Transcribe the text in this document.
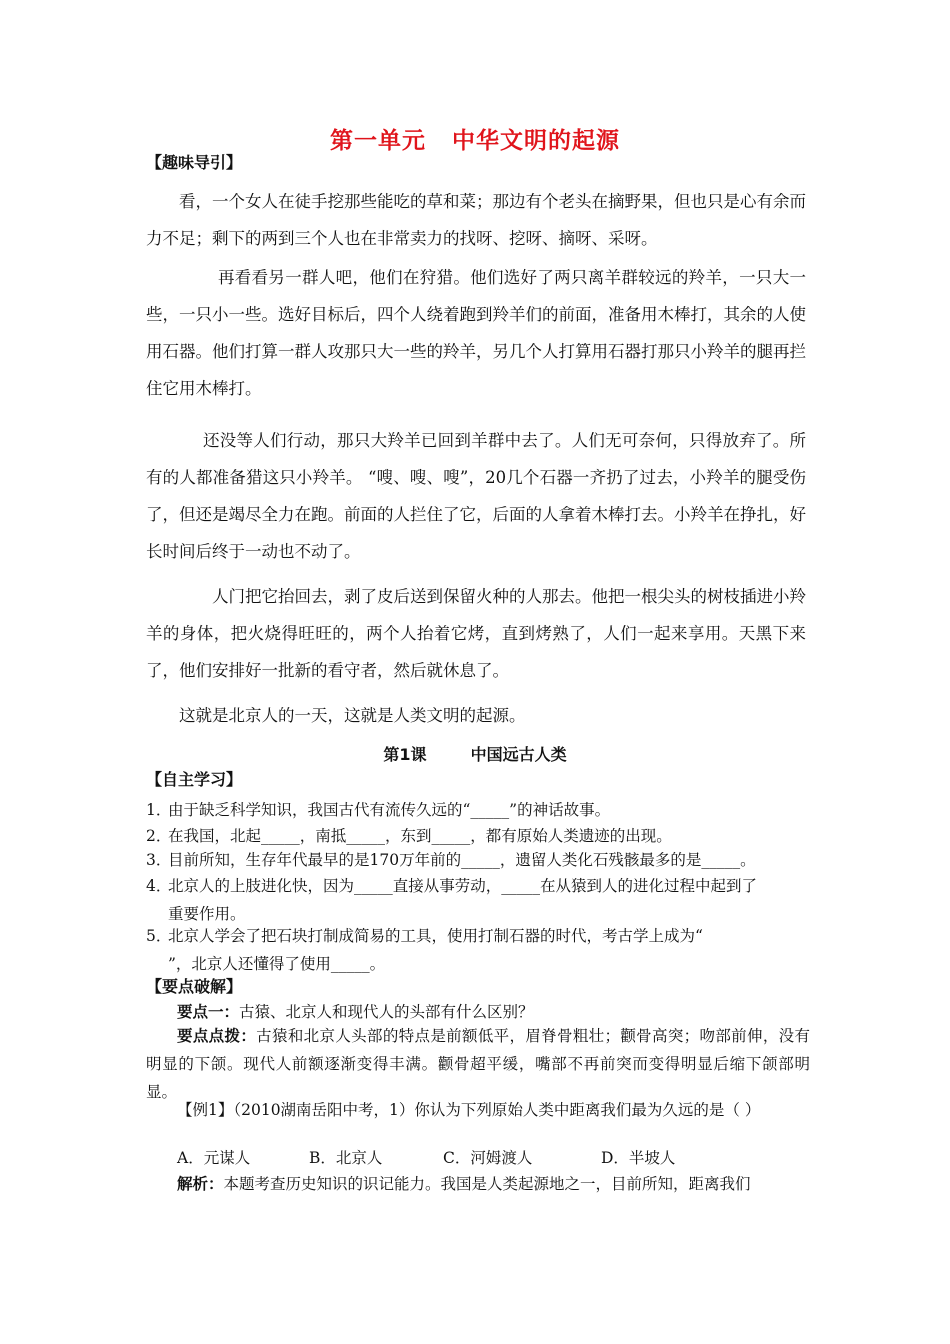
第一单元 中华文明的起源
【趣味导引】

看，一个女人在徒手挖那些能吃的草和菜；那边有个老头在摘野果，但也只是心有余而力不足；剩下的两到三个人也在非常卖力的找呀、挖呀、摘呀、采呀。

再看看另一群人吧，他们在狩猎。他们选好了两只离羊群较远的羚羊，一只大一些，一只小一些。选好目标后，四个人绕着跑到羚羊们的前面，准备用木棒打，其余的人使用石器。他们打算一群人攻那只大一些的羚羊，另几个人打算用石器打那只小羚羊的腿再拦住它用木棒打。

还没等人们行动，那只大羚羊已回到羊群中去了。人们无可奈何，只得放弃了。所有的人都准备猎这只小羚羊。 “嗖、嗖、嗖”，20几个石器一齐扔了过去，小羚羊的腿受伤了，但还是竭尽全力在跑。前面的人拦住了它，后面的人拿着木棒打去。小羚羊在挣扎，好长时间后终于一动也不动了。

人门把它抬回去，剥了皮后送到保留火种的人那去。他把一根尖头的树枝插进小羚羊的身体，把火烧得旺旺的，两个人抬着它烤，直到烤熟了，人们一起来享用。天黑下来了，他们安排好一批新的看守者，然后就休息了。

这就是北京人的一天，这就是人类文明的起源。

第1课	中国远古人类
【自主学习】
1．由于缺乏科学知识，我国古代有流传久远的“_____”的神话故事。
2．在我国，北起_____，南抵_____，东到_____，都有原始人类遗迹的出现。
3．目前所知，生存年代最早的是170万年前的_____，遗留人类化石残骸最多的是_____。
4．北京人的上肢进化快，因为_____直接从事劳动，_____在从猿到人的进化过程中起到了
重要作用。
5．北京人学会了把石块打制成简易的工具，使用打制石器的时代，考古学上成为“
”，北京人还懂得了使用_____。
【要点破解】
要点一：古猿、北京人和现代人的头部有什么区别？
要点点拨：古猿和北京人头部的特点是前额低平，眉脊骨粗壮；颧骨高突；吻部前伸，没有明显的下颌。现代人前额逐渐变得丰满。颧骨超平缓，嘴部不再前突而变得明显后缩下颌部明显。
【例1】（2010湖南岳阳中考，1）你认为下列原始人类中距离我们最为久远的是（ ）
A．元谋人	B．北京人	C．河姆渡人	D．半坡人
解析：本题考查历史知识的识记能力。我国是人类起源地之一，目前所知，距离我们
